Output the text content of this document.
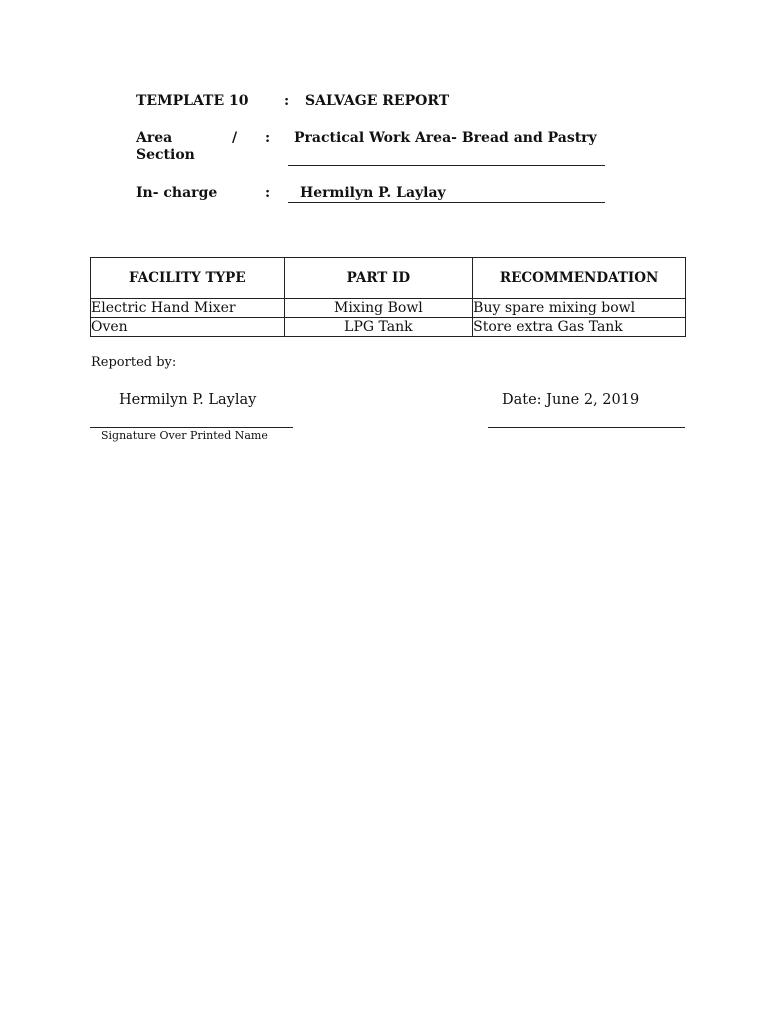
TEMPLATE 10	: SALVAGE REPORT
Area	/
Section
: Practical Work Area- Bread and Pastry
In- charge	: Hermilyn P. Laylay
FACILITY TYPE	PART ID	RECOMMENDATION
Electric Hand Mixer	Mixing Bowl	Buy spare mixing bowl
Oven	LPG Tank	Store extra Gas Tank
Reported by:
Hermilyn P. Laylay
Signature Over Printed Name
Date: June 2, 2019
